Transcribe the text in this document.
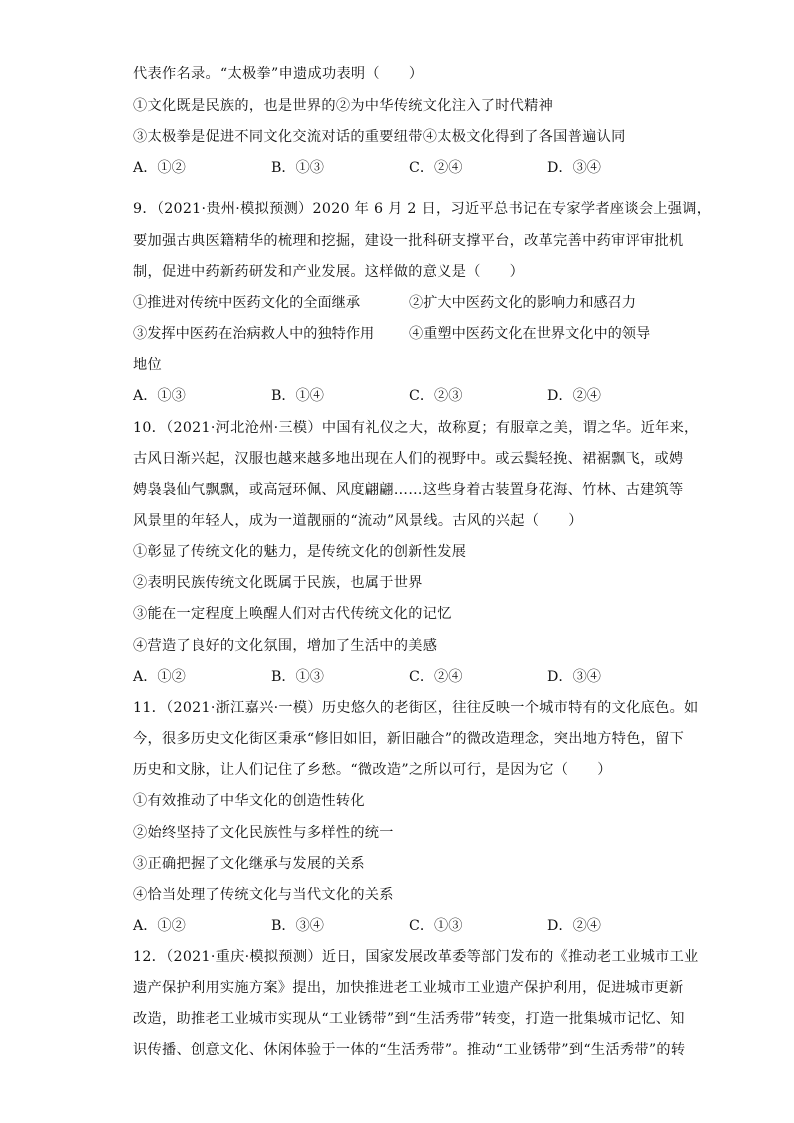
代表作名录。“太极拳”申遗成功表明（　　）
①文化既是民族的，也是世界的②为中华传统文化注入了时代精神
③太极拳是促进不同文化交流对话的重要纽带④太极文化得到了各国普遍认同
A．①②	B．①③	C．②④	D．③④
9．（2021·贵州·模拟预测）2020 年 6 月 2 日，习近平总书记在专家学者座谈会上强调，
要加强古典医籍精华的梳理和挖掘，建设一批科研支撑平台，改革完善中药审评审批机
制，促进中药新药研发和产业发展。这样做的意义是（　　）
①推进对传统中医药文化的全面继承	②扩大中医药文化的影响力和感召力
③发挥中医药在治病救人中的独特作用 ④重塑中医药文化在世界文化中的领导
地位
A．①③	B．①④	C．②③	D．②④
10．（2021·河北沧州·三模）中国有礼仪之大，故称夏；有服章之美，谓之华。近年来，
古风日渐兴起，汉服也越来越多地出现在人们的视野中。或云鬓轻挽、裙裾飘飞，或娉
娉袅袅仙气飘飘，或高冠环佩、风度翩翩……这些身着古装置身花海、竹林、古建筑等
风景里的年轻人，成为一道靓丽的“流动”风景线。古风的兴起（　　）
①彰显了传统文化的魅力，是传统文化的创新性发展
②表明民族传统文化既属于民族，也属于世界
③能在一定程度上唤醒人们对古代传统文化的记忆
④营造了良好的文化氛围，增加了生活中的美感
A．①②	B．①③	C．②④	D．③④
11．（2021·浙江嘉兴·一模）历史悠久的老街区，往往反映一个城市特有的文化底色。如
今，很多历史文化街区秉承“修旧如旧，新旧融合”的微改造理念，突出地方特色，留下
历史和文脉，让人们记住了乡愁。“微改造”之所以可行，是因为它（　　）
①有效推动了中华文化的创造性转化
②始终坚持了文化民族性与多样性的统一
③正确把握了文化继承与发展的关系
④恰当处理了传统文化与当代文化的关系
A．①②	B．③④	C．①③	D．②④
12．（2021·重庆·模拟预测）近日，国家发展改革委等部门发布的《推动老工业城市工业
遗产保护利用实施方案》提出，加快推进老工业城市工业遗产保护利用，促进城市更新
改造，助推老工业城市实现从“工业锈带”到“生活秀带”转变，打造一批集城市记忆、知
识传播、创意文化、休闲体验于一体的“生活秀带”。推动“工业锈带”到“生活秀带”的转
